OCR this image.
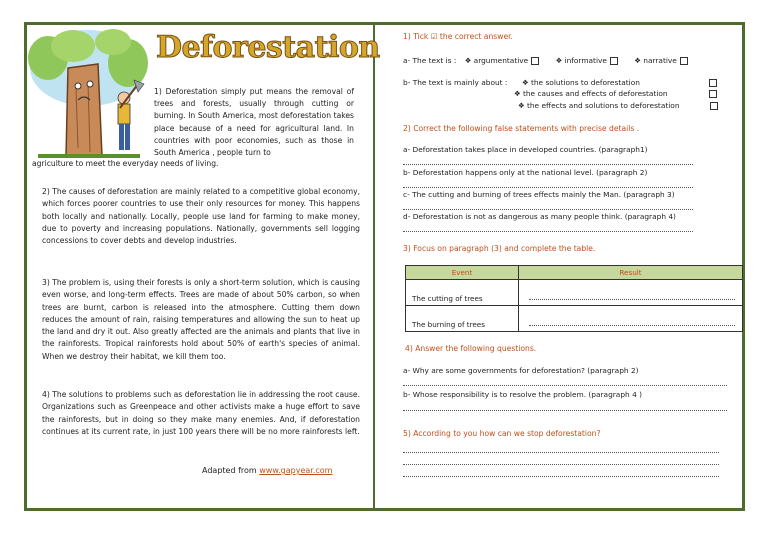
Deforestation
1) Deforestation simply put means the removal of trees and forests, usually through cutting or burning. In South America, most deforestation takes place because of a need for agricultural land. In countries with poor economies, such as those in South America , people turn to
agriculture to meet the everyday needs of living.
2) The causes of deforestation are mainly related to a competitive global economy, which forces poorer countries to use their only resources for money. This happens both locally and nationally. Locally, people use land for farming to make money, due to poverty and increasing populations. Nationally, governments sell logging concessions to cover debts and develop industries.
3) The problem is, using their forests is only a short-term solution, which is causing even worse, and long-term effects. Trees are made of about 50% carbon, so when trees are burnt, carbon is released into the atmosphere. Cutting them down reduces the amount of rain, raising temperatures and allowing the sun to heat up the land and dry it out. Also greatly affected are the animals and plants that live in the rainforests. Tropical rainforests hold about 50% of earth's species of animal. When we destroy their habitat, we kill them too.
4) The solutions to problems such as deforestation lie in addressing the root cause. Organizations such as Greenpeace and other activists make a huge effort to save the rainforests, but in doing so they make many enemies. And, if deforestation continues at its current rate, in just 100 years there will be no more rainforests left.
Adapted from www.gapyear.com
1) Tick ☑ the correct answer.
a- The text is : ❖ argumentative	❖ informative	❖ narrative
b- The text is mainly about : ❖ the solutions to deforestation
❖ the causes and effects of deforestation
❖ the effects and solutions to deforestation
2) Correct the following false statements with precise details .
a- Deforestation takes place in developed countries. (paragraph1)
b- Deforestation happens only at the national level. (paragraph 2)
c- The cutting and burning of trees effects mainly the Man. (paragraph 3)
d- Deforestation is not as dangerous as many people think. (paragraph 4)
3) Focus on paragraph (3) and complete the table.
Event	Result
The cutting of trees	

The burning of trees	
4) Answer the following questions.
a- Why are some governments for deforestation? (paragraph 2)
b- Whose responsibility is to resolve the problem. (paragraph 4 )
5) According to you how can we stop deforestation?
